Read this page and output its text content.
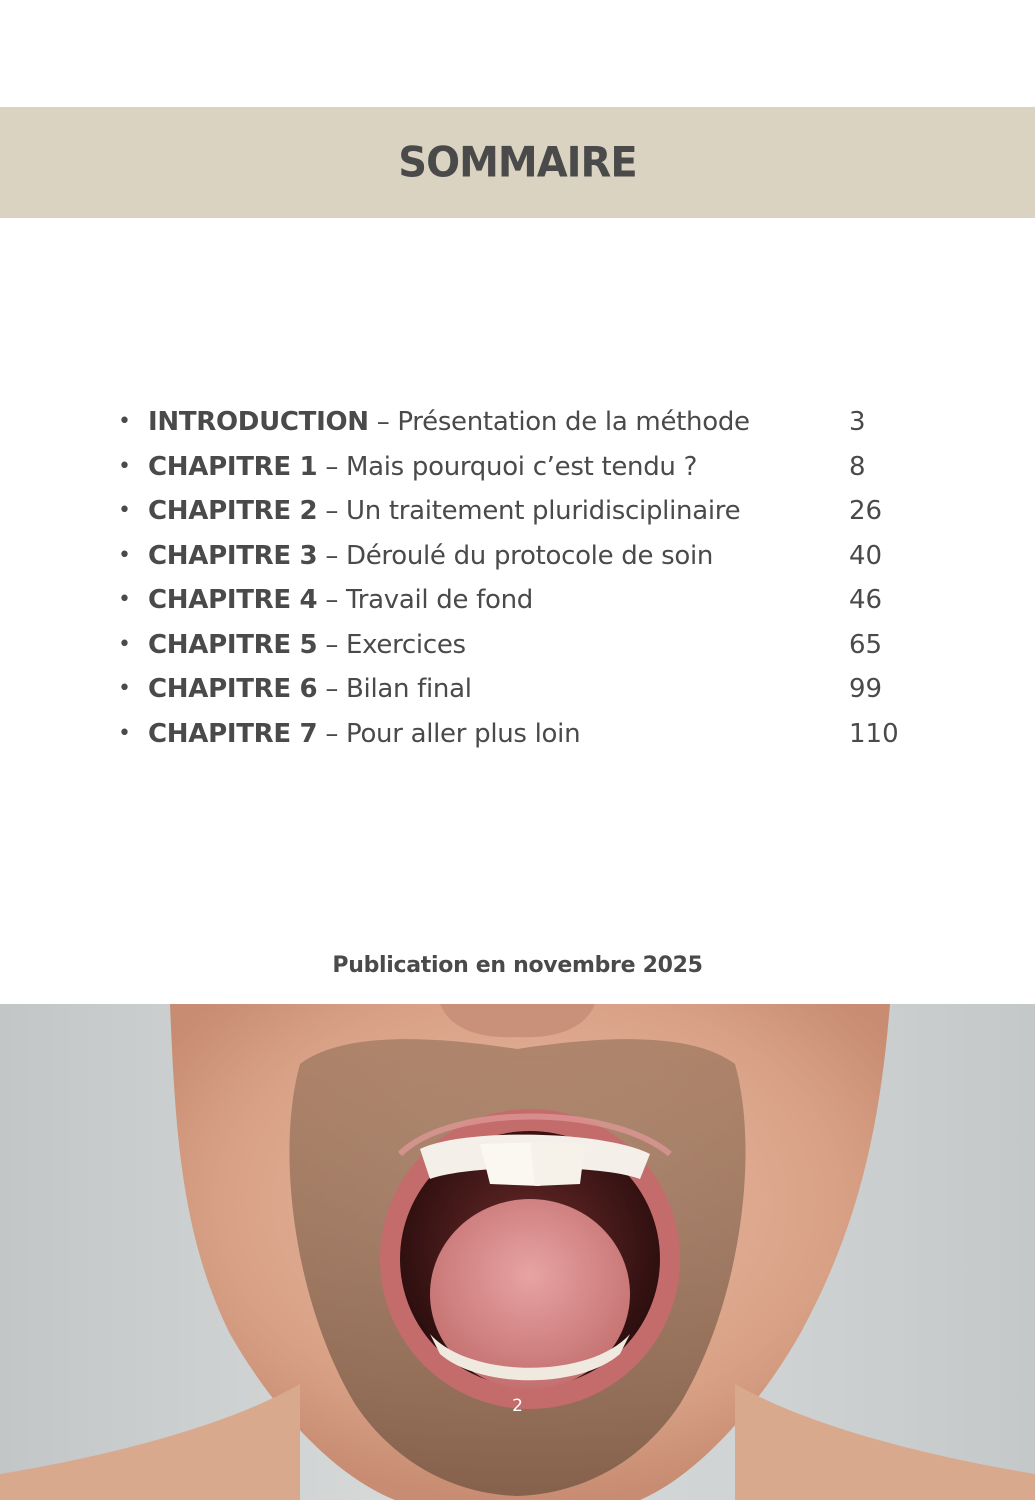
SOMMAIRE
• INTRODUCTION – Présentation de la méthode	3
• CHAPITRE 1 – Mais pourquoi c’est tendu ?	8
• CHAPITRE 2 – Un traitement pluridisciplinaire	26
• CHAPITRE 3 – Déroulé du protocole de soin	40
• CHAPITRE 4 – Travail de fond	46
• CHAPITRE 5 – Exercices	65
• CHAPITRE 6 – Bilan final	99
• CHAPITRE 7 – Pour aller plus loin	110
Publication en novembre 2025
2
